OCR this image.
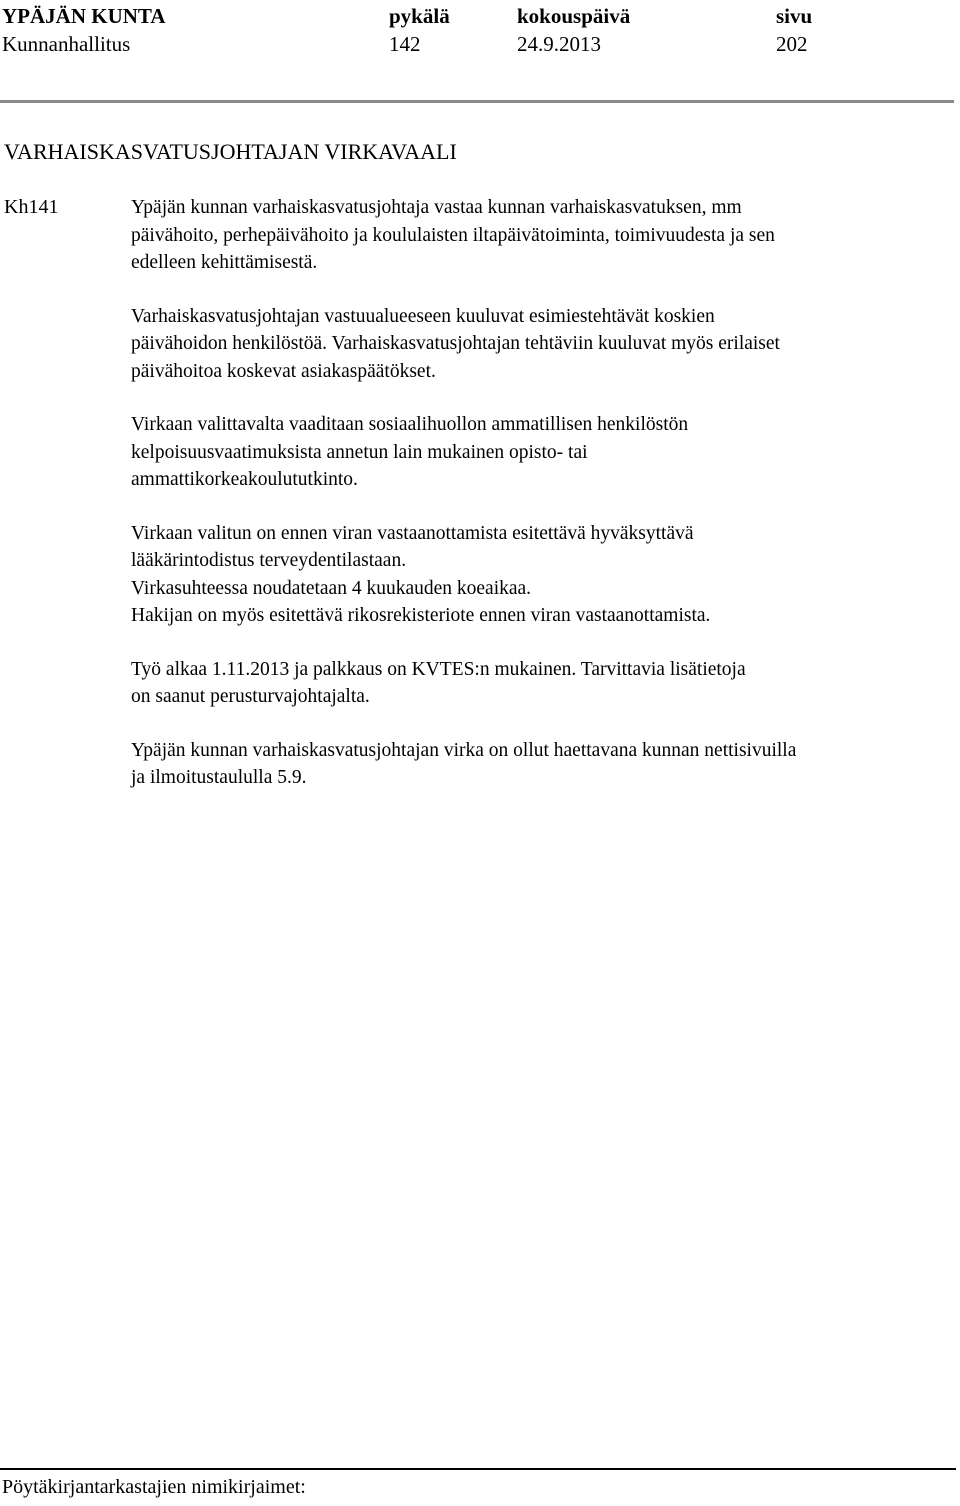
YPÄJÄN KUNTA	pykälä	kokouspäivä	sivu
Kunnanhallitus	142	24.9.2013	202
VARHAISKASVATUSJOHTAJAN VIRKAVAALI
Kh141	Ypäjän kunnan varhaiskasvatusjohtaja vastaa kunnan varhaiskasvatuksen, mm
päivähoito, perhepäivähoito ja koululaisten iltapäivätoiminta, toimivuudesta ja sen
edelleen kehittämisestä.

Varhaiskasvatusjohtajan vastuualueeseen kuuluvat esimiestehtävät koskien
päivähoidon henkilöstöä. Varhaiskasvatusjohtajan tehtäviin kuuluvat myös erilaiset
päivähoitoa koskevat asiakaspäätökset.

Virkaan valittavalta vaaditaan sosiaalihuollon ammatillisen henkilöstön
kelpoisuusvaatimuksista annetun lain mukainen opisto- tai
ammattikorkeakoulututkinto.

Virkaan valitun on ennen viran vastaanottamista esitettävä hyväksyttävä
lääkärintodistus terveydentilastaan.
Virkasuhteessa noudatetaan 4 kuukauden koeaikaa.
Hakijan on myös esitettävä rikosrekisteriote ennen viran vastaanottamista.

Työ alkaa 1.11.2013 ja palkkaus on KVTES:n mukainen. Tarvittavia lisätietoja
on saanut perusturvajohtajalta.

Ypäjän kunnan varhaiskasvatusjohtajan virka on ollut haettavana kunnan nettisivuilla
ja ilmoitustaululla 5.9.

Pöytäkirjantarkastajien nimikirjaimet:
